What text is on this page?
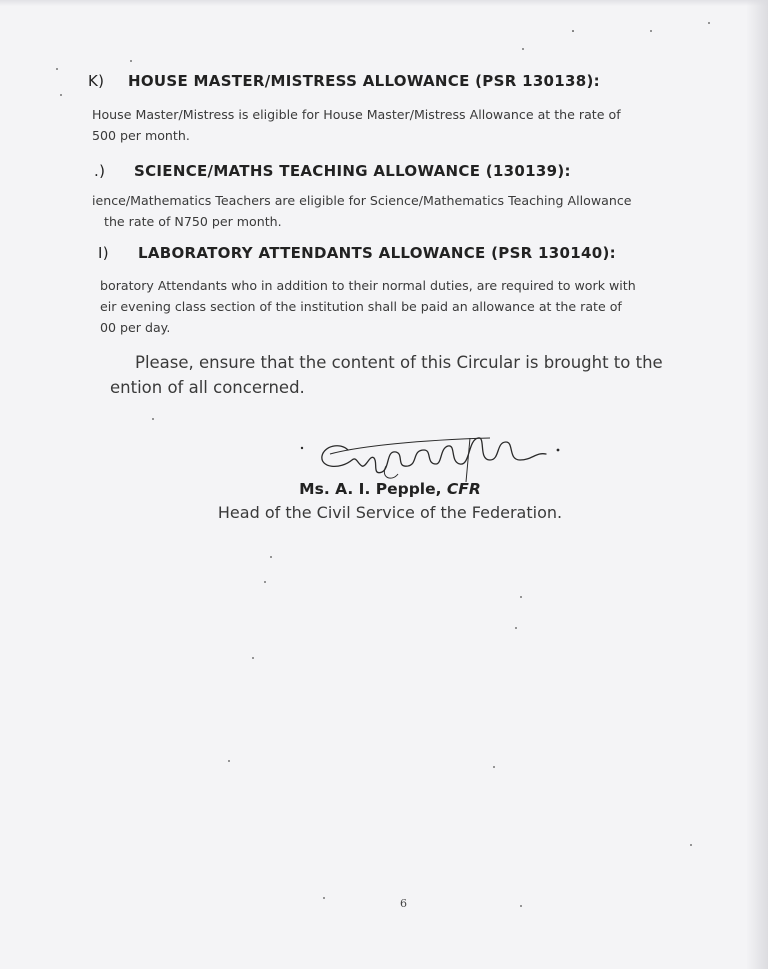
K) HOUSE MASTER/MISTRESS ALLOWANCE (PSR 130138):
House Master/Mistress is eligible for House Master/Mistress Allowance at the rate of
500 per month.
.) SCIENCE/MATHS TEACHING ALLOWANCE (130139):
ience/Mathematics Teachers are eligible for Science/Mathematics Teaching Allowance
the rate of N750 per month.
I) LABORATORY ATTENDANTS ALLOWANCE (PSR 130140):
boratory Attendants who in addition to their normal duties, are required to work with
eir evening class section of the institution shall be paid an allowance at the rate of
00 per day.
Please, ensure that the content of this Circular is brought to the
ention of all concerned.
Ms. A. I. Pepple, CFR
Head of the Civil Service of the Federation.
6
